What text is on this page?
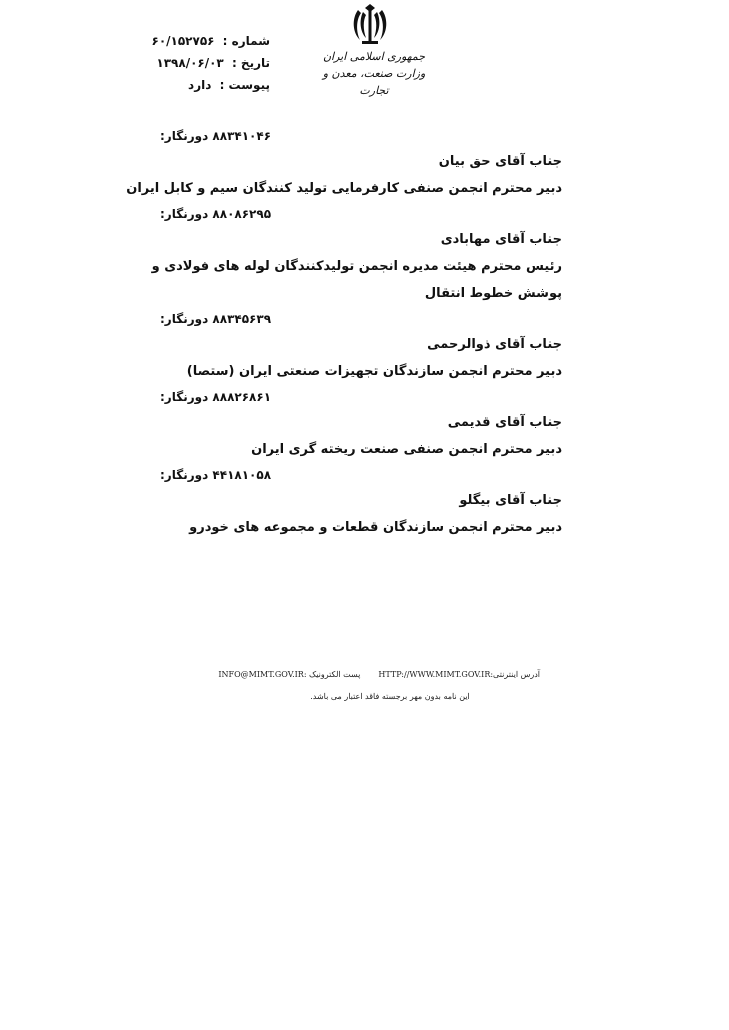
جمهوری اسلامی ایران
وزارت صنعت، معدن و تجارت
شماره : ۶۰/۱۵۲۷۵۶
تاریخ : ۱۳۹۸/۰۶/۰۳
پیوست : دارد
دورنگار: ۸۸۳۴۱۰۴۶
جناب آقای حق بیان
دبیر محترم انجمن صنفی کارفرمایی تولید کنندگان سیم و کابل ایران
دورنگار: ۸۸۰۸۶۲۹۵
جناب آقای مهابادی
رئیس محترم هیئت مدیره انجمن تولیدکنندگان لوله های فولادی و پوشش خطوط انتقال
دورنگار: ۸۸۳۴۵۶۳۹
جناب آقای ذوالرحمی
دبیر محترم انجمن سازندگان تجهیزات صنعتی ایران (ستصا)
دورنگار: ۸۸۸۲۶۸۶۱
جناب آقای قدیمی
دبیر محترم انجمن صنفی صنعت ریخته گری ایران
دورنگار: ۴۴۱۸۱۰۵۸
جناب آقای بیگلو
دبیر محترم انجمن سازندگان قطعات و مجموعه های خودرو
آدرس اینترنتی:HTTP://WWW.MIMT.GOV.IRپست الکترونیک :INFO@MIMT.GOV.IR
این نامه بدون مهر برجسته فاقد اعتبار می باشد.
